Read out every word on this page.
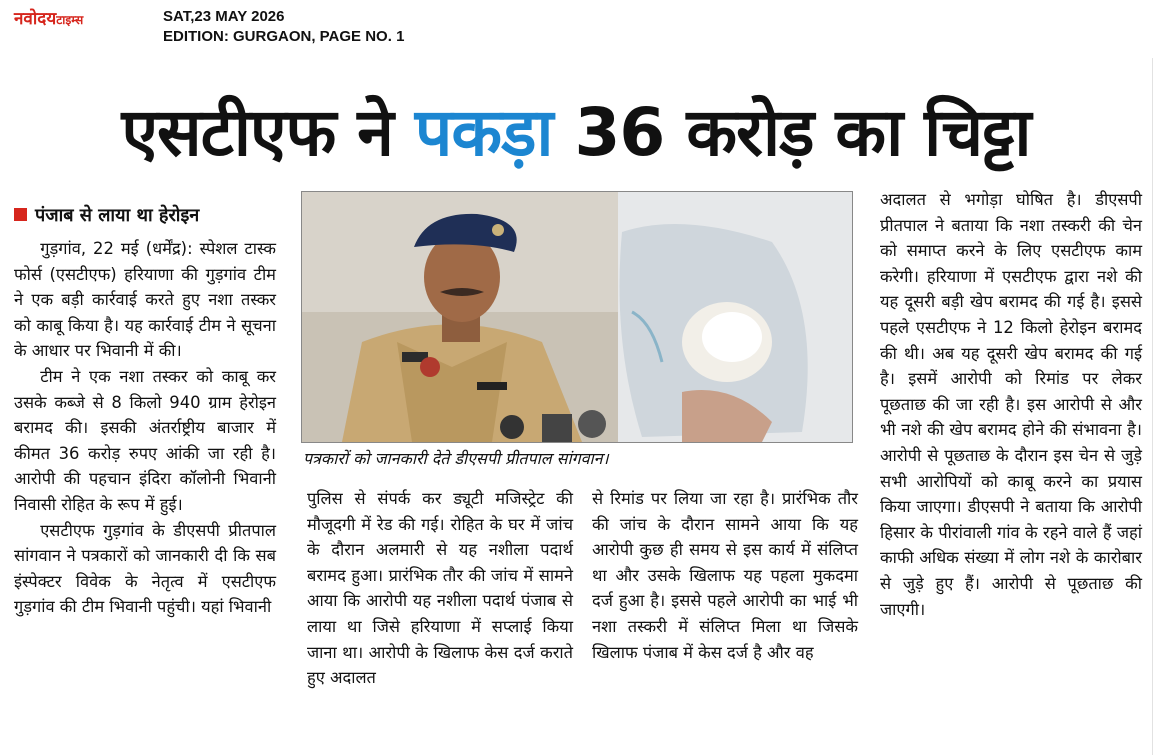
नवोदयटाइम्स	SAT,23 MAY 2026
EDITION: GURGAON, PAGE NO. 1
एसटीएफ ने पकड़ा 36 करोड़ का चिट्टा
पंजाब से लाया था हेरोइन

गुड़गांव, 22 मई (धर्मेंद्र): स्पेशल टास्क फोर्स (एसटीएफ) हरियाणा की गुड़गांव टीम ने एक बड़ी कार्रवाई करते हुए नशा तस्कर को काबू किया है। यह कार्रवाई टीम ने सूचना के आधार पर भिवानी में की।

टीम ने एक नशा तस्कर को काबू कर उसके कब्जे से 8 किलो 940 ग्राम हेरोइन बरामद की। इसकी अंतर्राष्ट्रीय बाजार में कीमत 36 करोड़ रुपए आंकी जा रही है। आरोपी की पहचान इंदिरा कॉलोनी भिवानी निवासी रोहित के रूप में हुई।

एसटीएफ गुड़गांव के डीएसपी प्रीतपाल सांगवान ने पत्रकारों को जानकारी दी कि सब इंस्पेक्टर विवेक के नेतृत्व में एसटीएफ गुड़गांव की टीम भिवानी पहुंची। यहां भिवानी

पत्रकारों को जानकारी देते डीएसपी प्रीतपाल सांगवान।

पुलिस से संपर्क कर ड्यूटी मजिस्ट्रेट की मौजूदगी में रेड की गई। रोहित के घर में जांच के दौरान अलमारी से यह नशीला पदार्थ बरामद हुआ। प्रारंभिक तौर की जांच में सामने आया कि आरोपी यह नशीला पदार्थ पंजाब से लाया था जिसे हरियाणा में सप्लाई किया जाना था। आरोपी के खिलाफ केस दर्ज कराते हुए अदालत

से रिमांड पर लिया जा रहा है। प्रारंभिक तौर की जांच के दौरान सामने आया कि यह आरोपी कुछ ही समय से इस कार्य में संलिप्त था और उसके खिलाफ यह पहला मुकदमा दर्ज हुआ है। इससे पहले आरोपी का भाई भी नशा तस्करी में संलिप्त मिला था जिसके खिलाफ पंजाब में केस दर्ज है और वह

अदालत से भगोड़ा घोषित है। डीएसपी प्रीतपाल ने बताया कि नशा तस्करी की चेन को समाप्त करने के लिए एसटीएफ काम करेगी। हरियाणा में एसटीएफ द्वारा नशे की यह दूसरी बड़ी खेप बरामद की गई है। इससे पहले एसटीएफ ने 12 किलो हेरोइन बरामद की थी। अब यह दूसरी खेप बरामद की गई है। इसमें आरोपी को रिमांड पर लेकर पूछताछ की जा रही है। इस आरोपी से और भी नशे की खेप बरामद होने की संभावना है। आरोपी से पूछताछ के दौरान इस चेन से जुड़े सभी आरोपियों को काबू करने का प्रयास किया जाएगा। डीएसपी ने बताया कि आरोपी हिसार के पीरांवाली गांव के रहने वाले हैं जहां काफी अधिक संख्या में लोग नशे के कारोबार से जुड़े हुए हैं। आरोपी से पूछताछ की जाएगी।
